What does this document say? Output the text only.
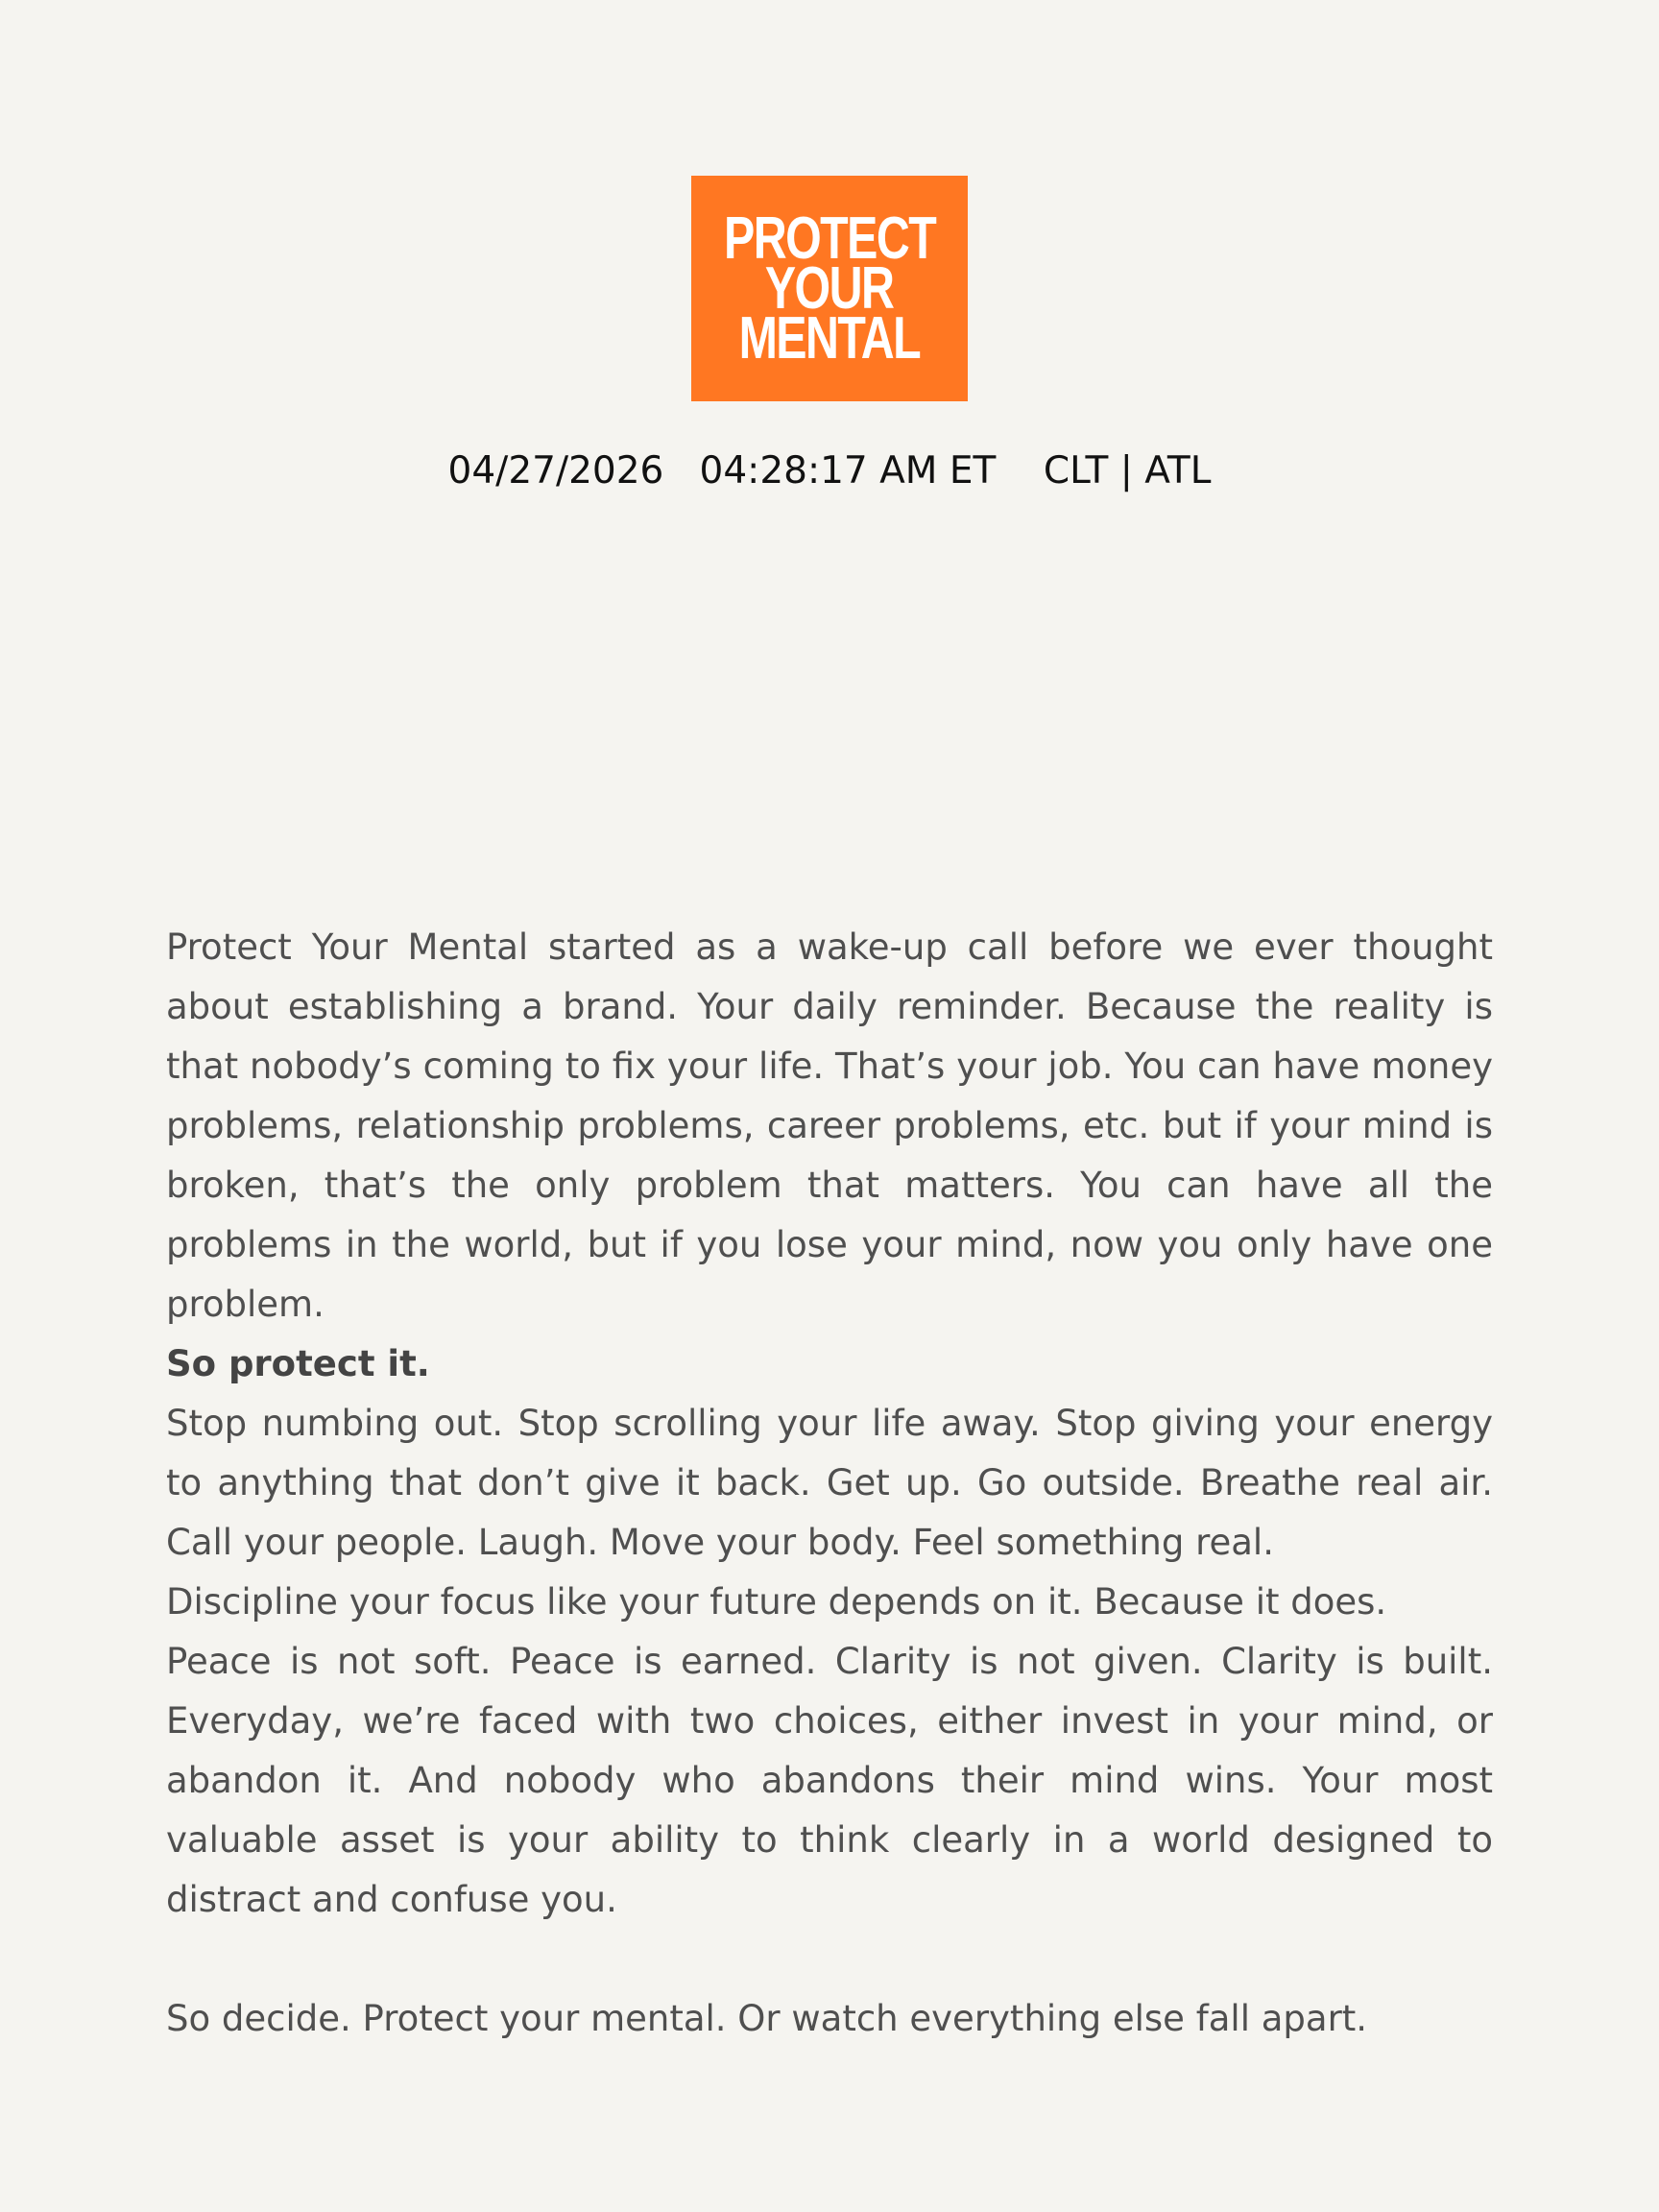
PROTECT
YOUR
MENTAL
04/27/2026 04:28:17 AM ET CLT | ATL

Protect Your Mental started as a wake-up call before we ever thought about establishing a brand. Your daily reminder. Because the reality is that nobody’s coming to fix your life. That’s your job. You can have money problems, relationship problems, career problems, etc. but if your mind is broken, that’s the only problem that matters. You can have all the problems in the world, but if you lose your mind, now you only have one problem.

So protect it.

Stop numbing out. Stop scrolling your life away. Stop giving your energy to anything that don’t give it back. Get up. Go outside. Breathe real air. Call your people. Laugh. Move your body. Feel something real.

Discipline your focus like your future depends on it. Because it does.

Peace is not soft. Peace is earned. Clarity is not given. Clarity is built. Everyday, we’re faced with two choices, either invest in your mind, or abandon it. And nobody who abandons their mind wins. Your most valuable asset is your ability to think clearly in a world designed to distract and confuse you.

So decide. Protect your mental. Or watch everything else fall apart.
